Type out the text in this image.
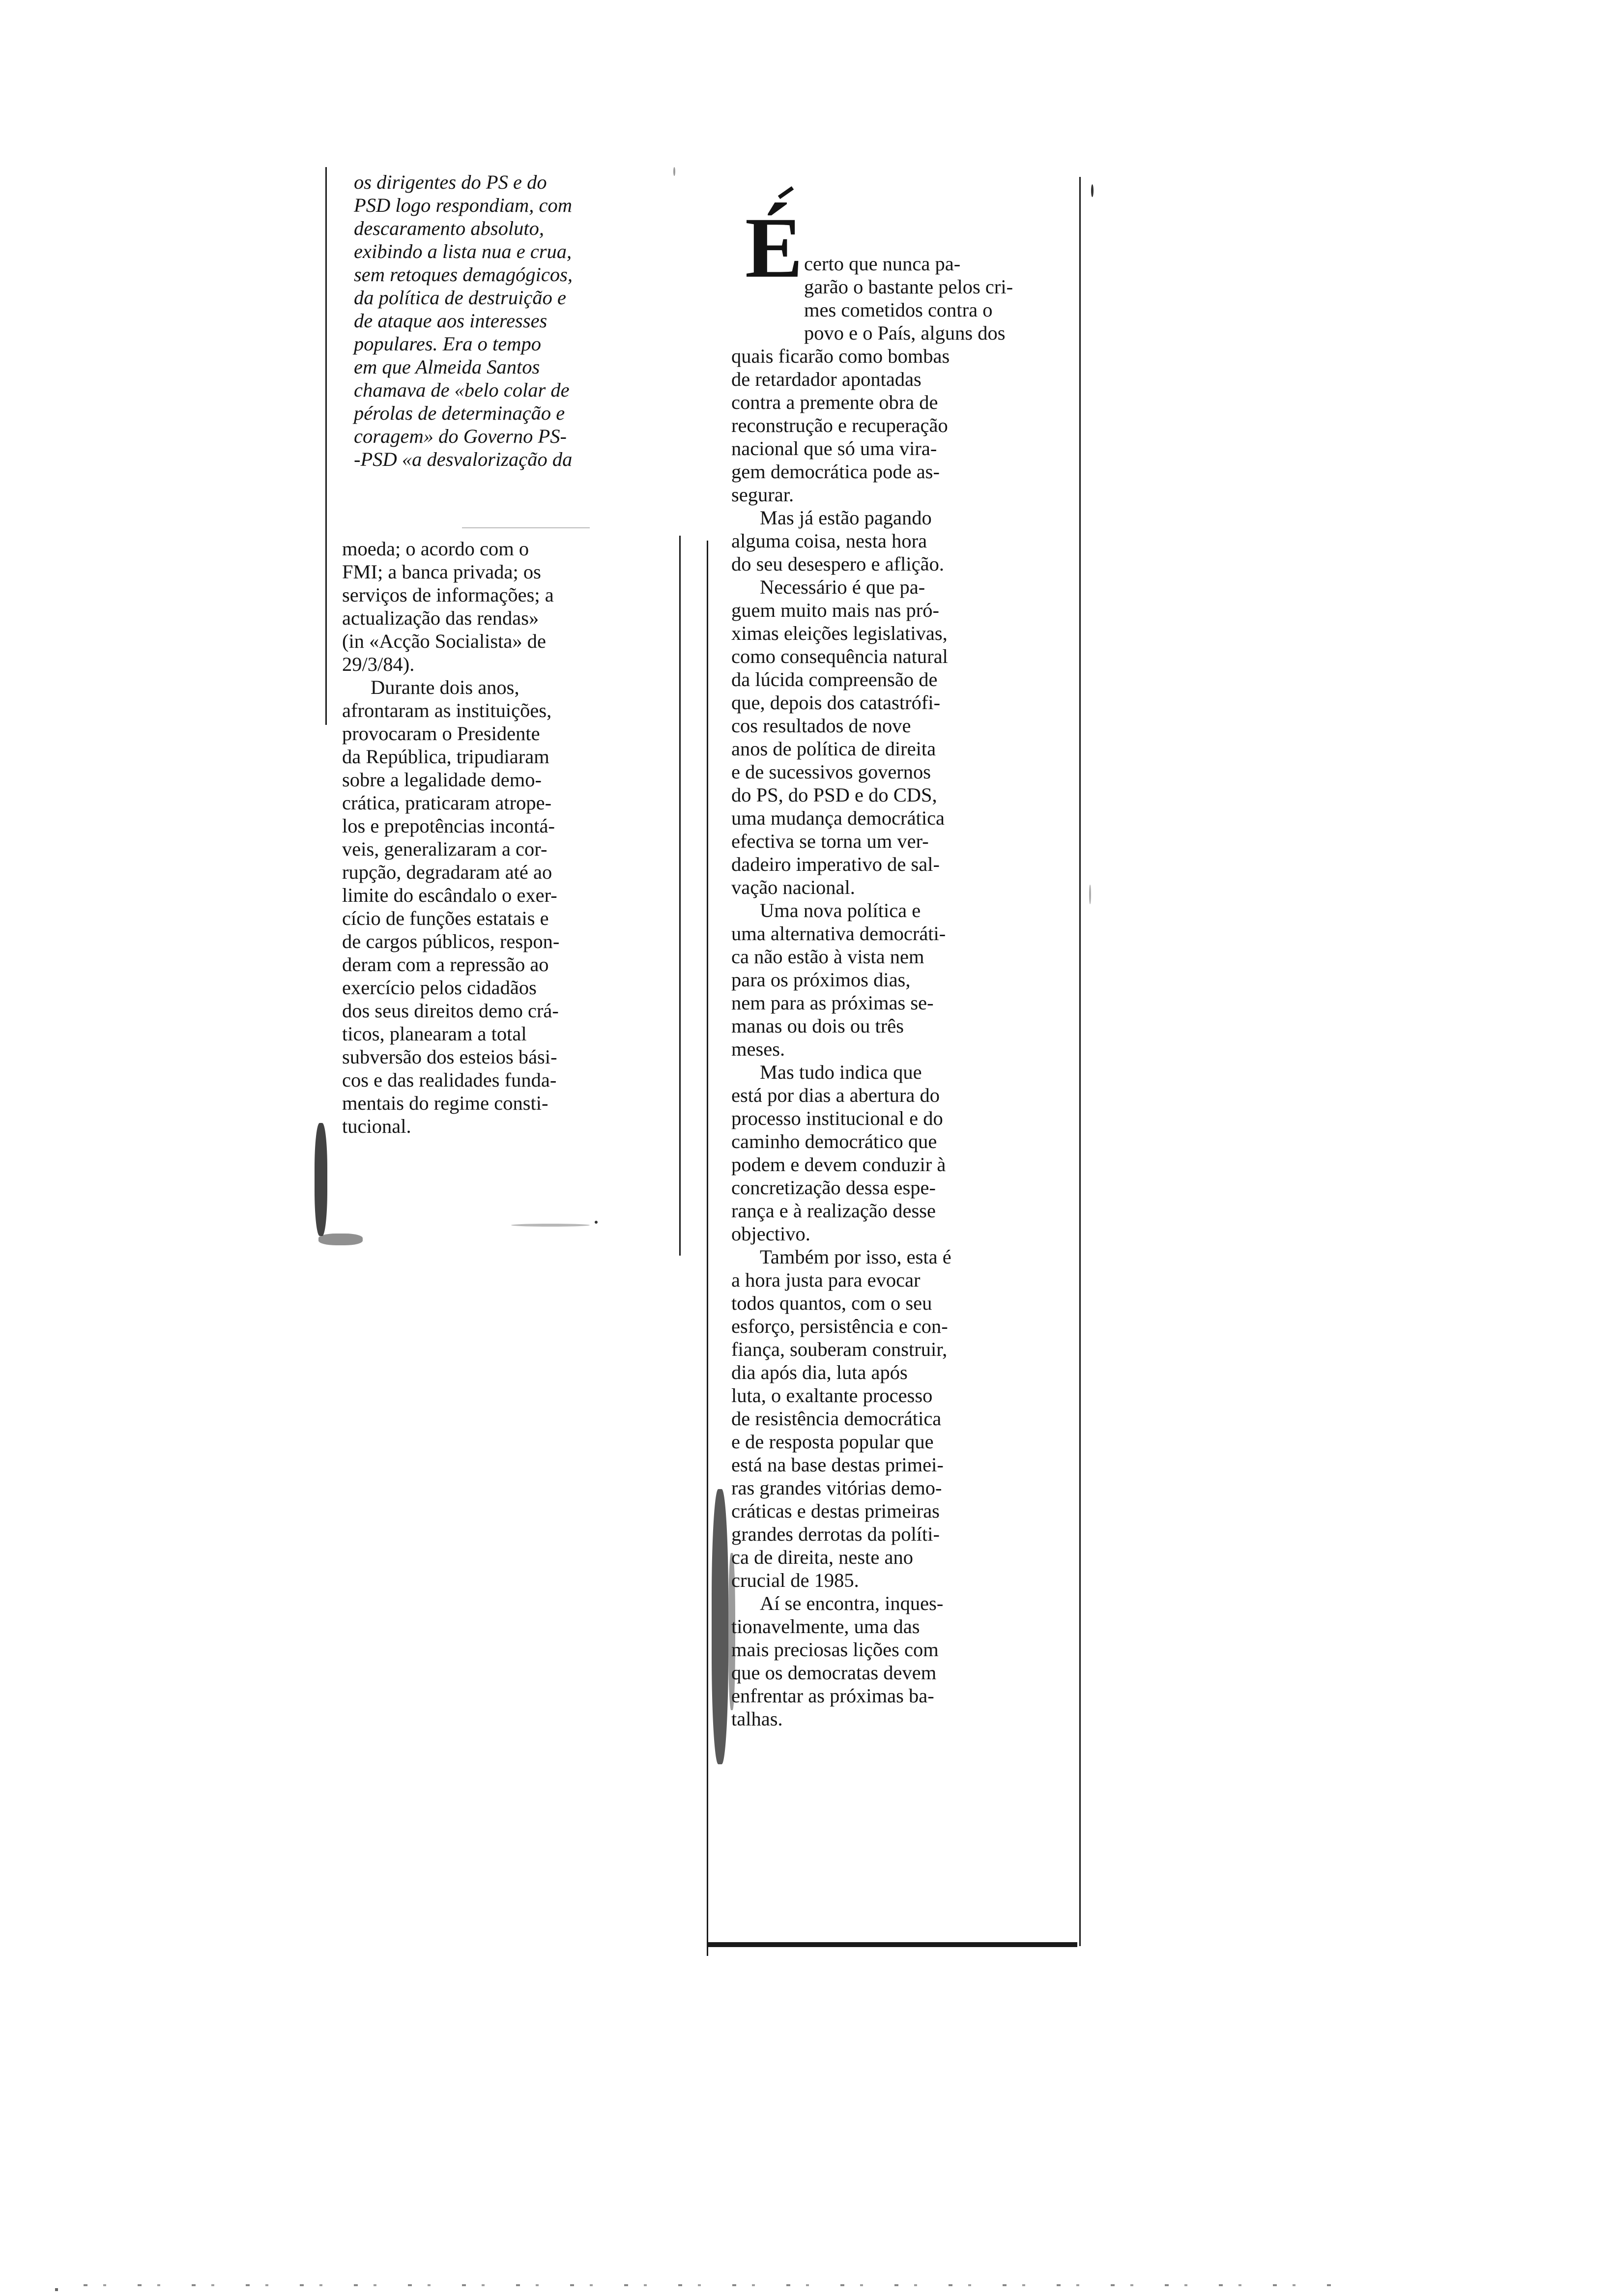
os dirigentes do PS e do

PSD logo respondiam, com

descaramento absoluto,

exibindo a lista nua e crua,

sem retoques demagógicos,

da política de destruição e

de ataque aos interesses

populares. Era o tempo

em que Almeida Santos

chamava de «belo colar de

pérolas de determinação e

coragem» do Governo PS-

-PSD «a desvalorização da

moeda; o acordo com o

FMI; a banca privada; os

serviços de informações; a

actualização das rendas»

(in «Acção Socialista» de

29/3/84).

Durante dois anos,

afrontaram as instituições,

provocaram o Presidente

da República, tripudiaram

sobre a legalidade demo-

crática, praticaram atrope-

los e prepotências incontá-

veis, generalizaram a cor-

rupção, degradaram até ao

limite do escândalo o exer-

cício de funções estatais e

de cargos públicos, respon-

deram com a repressão ao

exercício pelos cidadãos

dos seus direitos demo crá-

ticos, planearam a total

subversão dos esteios bási-

cos e das realidades funda-

mentais do regime consti-

tucional.

É certo que nunca pa-

garão o bastante pelos cri-

mes cometidos contra o

povo e o País, alguns dos

quais ficarão como bombas

de retardador apontadas

contra a premente obra de

reconstrução e recuperação

nacional que só uma vira-

gem democrática pode as-

segurar.

Mas já estão pagando

alguma coisa, nesta hora

do seu desespero e aflição.

Necessário é que pa-

guem muito mais nas pró-

ximas eleições legislativas,

como consequência natural

da lúcida compreensão de

que, depois dos catastrófi-

cos resultados de nove

anos de política de direita

e de sucessivos governos

do PS, do PSD e do CDS,

uma mudança democrática

efectiva se torna um ver-

dadeiro imperativo de sal-

vação nacional.

Uma nova política e

uma alternativa democráti-

ca não estão à vista nem

para os próximos dias,

nem para as próximas se-

manas ou dois ou três

meses.

Mas tudo indica que

está por dias a abertura do

processo institucional e do

caminho democrático que

podem e devem conduzir à

concretização dessa espe-

rança e à realização desse

objectivo.

Também por isso, esta é

a hora justa para evocar

todos quantos, com o seu

esforço, persistência e con-

fiança, souberam construir,

dia após dia, luta após

luta, o exaltante processo

de resistência democrática

e de resposta popular que

está na base destas primei-

ras grandes vitórias demo-

cráticas e destas primeiras

grandes derrotas da políti-

ca de direita, neste ano

crucial de 1985.

Aí se encontra, inques-

tionavelmente, uma das

mais preciosas lições com

que os democratas devem

enfrentar as próximas ba-

talhas.
